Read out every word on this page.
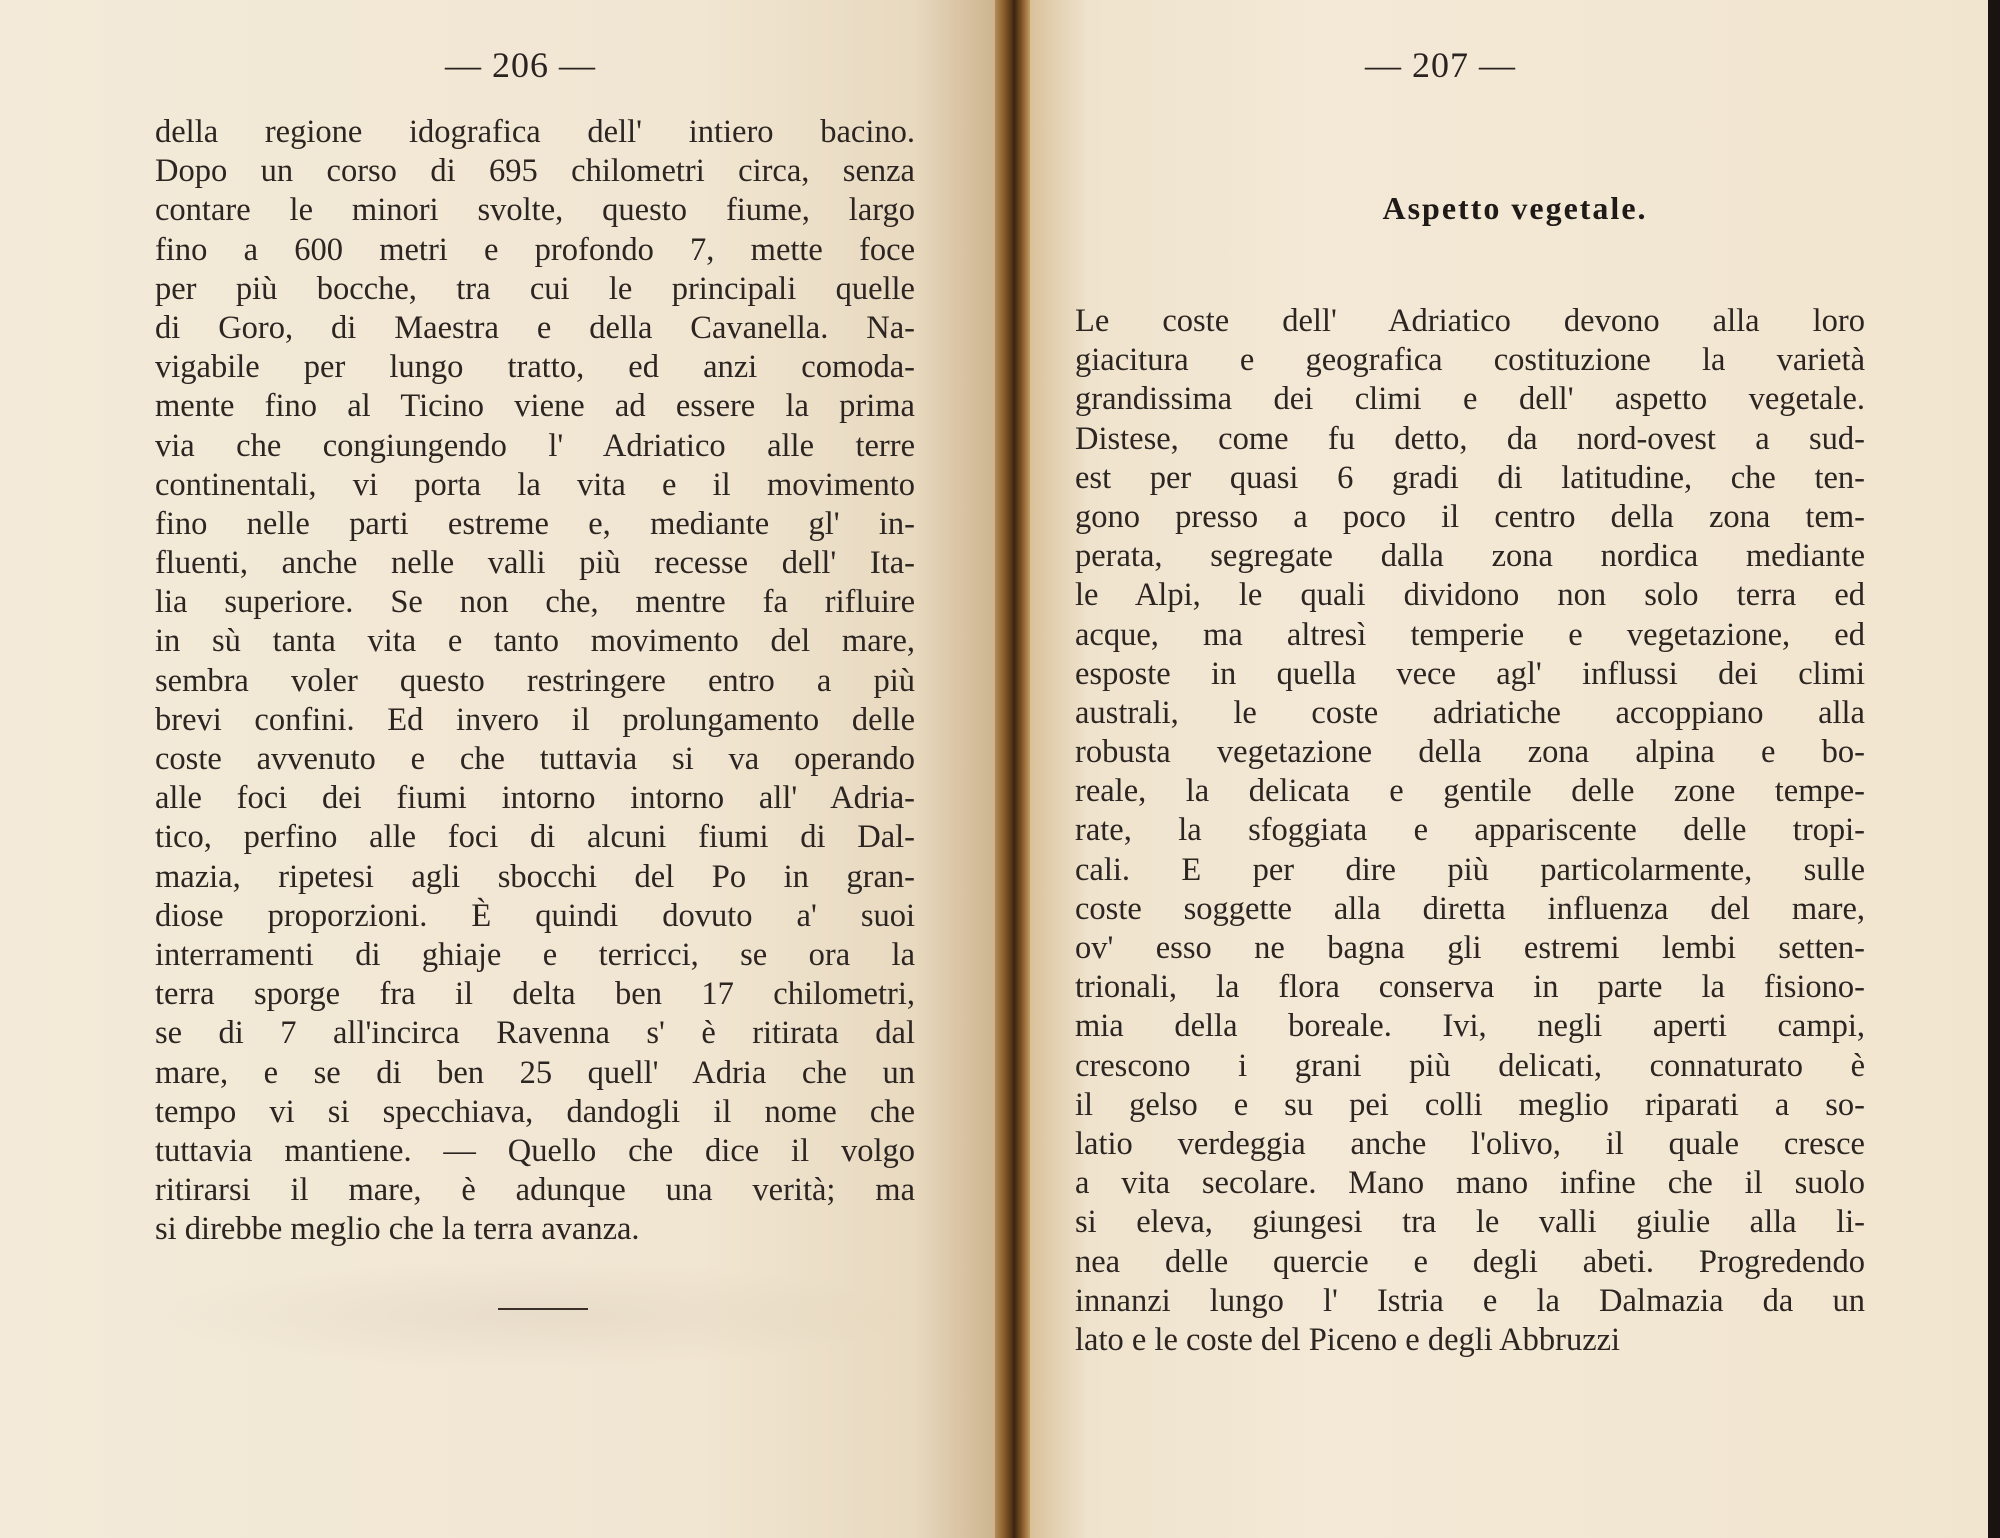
— 206 —
della regione idografica dell' intiero bacino.
Dopo un corso di 695 chilometri circa, senza
contare le minori svolte, questo fiume, largo
fino a 600 metri e profondo 7, mette foce
per più bocche, tra cui le principali quelle
di Goro, di Maestra e della Cavanella. Na-
vigabile per lungo tratto, ed anzi comoda-
mente fino al Ticino viene ad essere la prima
via che congiungendo l' Adriatico alle terre
continentali, vi porta la vita e il movimento
fino nelle parti estreme e, mediante gl' in-
fluenti, anche nelle valli più recesse dell' Ita-
lia superiore. Se non che, mentre fa rifluire
in sù tanta vita e tanto movimento del mare,
sembra voler questo restringere entro a più
brevi confini. Ed invero il prolungamento delle
coste avvenuto e che tuttavia si va operando
alle foci dei fiumi intorno intorno all' Adria-
tico, perfino alle foci di alcuni fiumi di Dal-
mazia, ripetesi agli sbocchi del Po in gran-
diose proporzioni. È quindi dovuto a' suoi
interramenti di ghiaje e terricci, se ora la
terra sporge fra il delta ben 17 chilometri,
se di 7 all'incirca Ravenna s' è ritirata dal
mare, e se di ben 25 quell' Adria che un
tempo vi si specchiava, dandogli il nome che
tuttavia mantiene. — Quello che dice il volgo
ritirarsi il mare, è adunque una verità; ma
si direbbe meglio che la terra avanza.
— 207 —
Aspetto vegetale.
Le coste dell' Adriatico devono alla loro
giacitura e geografica costituzione la varietà
grandissima dei climi e dell' aspetto vegetale.
Distese, come fu detto, da nord-ovest a sud-
est per quasi 6 gradi di latitudine, che ten-
gono presso a poco il centro della zona tem-
perata, segregate dalla zona nordica mediante
le Alpi, le quali dividono non solo terra ed
acque, ma altresì temperie e vegetazione, ed
esposte in quella vece agl' influssi dei climi
australi, le coste adriatiche accoppiano alla
robusta vegetazione della zona alpina e bo-
reale, la delicata e gentile delle zone tempe-
rate, la sfoggiata e appariscente delle tropi-
cali. E per dire più particolarmente, sulle
coste soggette alla diretta influenza del mare,
ov' esso ne bagna gli estremi lembi setten-
trionali, la flora conserva in parte la fisiono-
mia della boreale. Ivi, negli aperti campi,
crescono i grani più delicati, connaturato è
il gelso e su pei colli meglio riparati a so-
latio verdeggia anche l'olivo, il quale cresce
a vita secolare. Mano mano infine che il suolo
si eleva, giungesi tra le valli giulie alla li-
nea delle quercie e degli abeti. Progredendo
innanzi lungo l' Istria e la Dalmazia da un
lato e le coste del Piceno e degli Abbruzzi
